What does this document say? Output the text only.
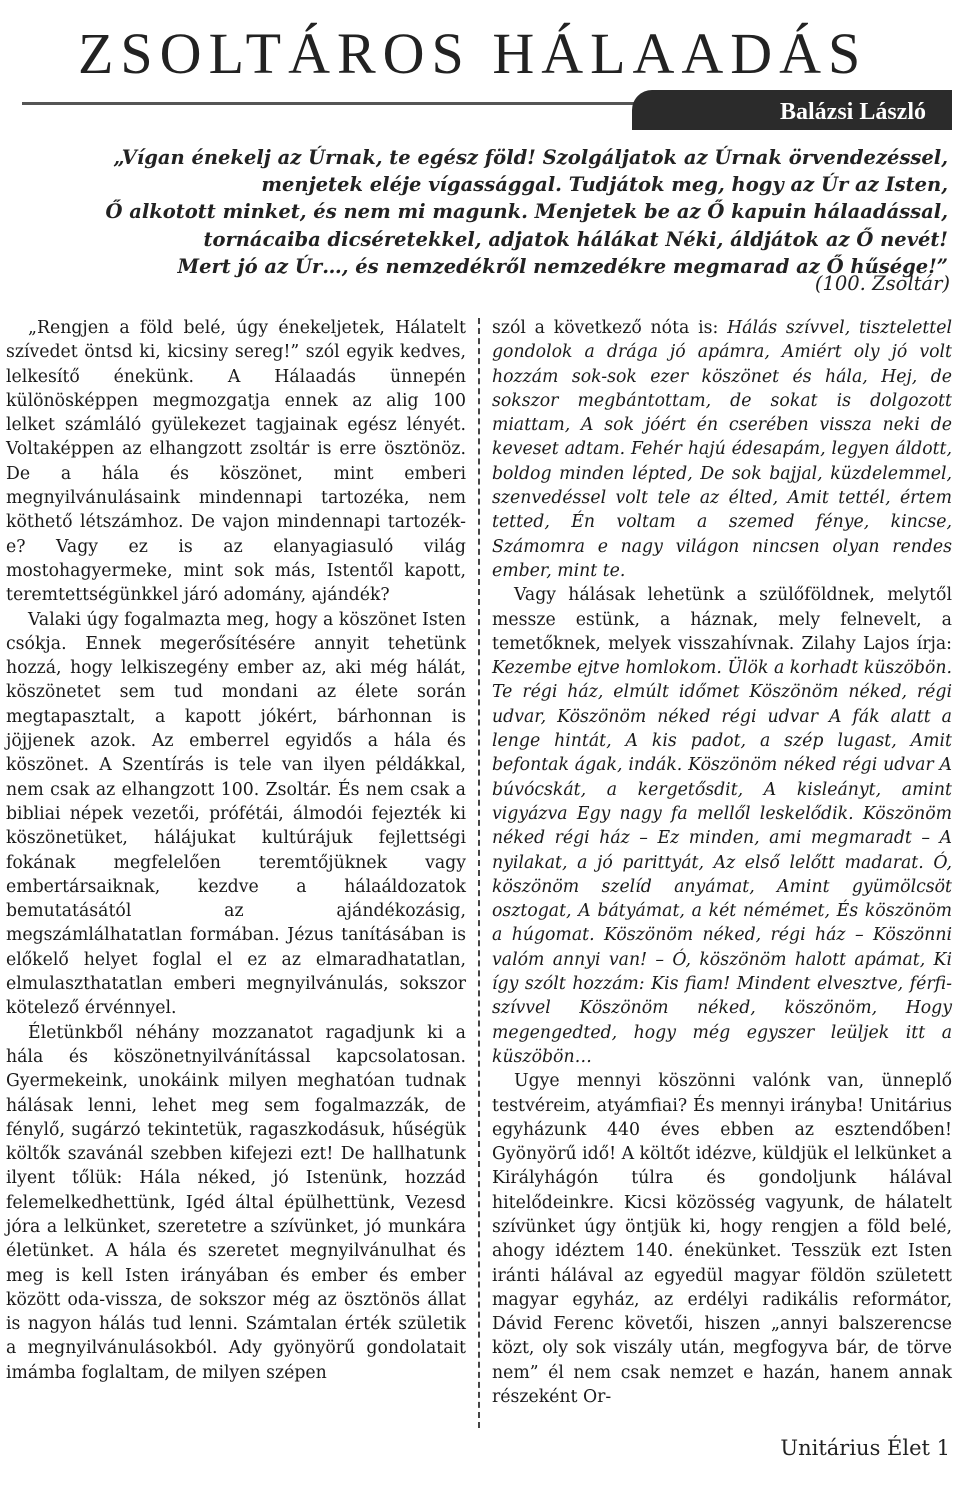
ZSOLTÁROS HÁLAADÁS
Balázsi László
„Vígan énekelj az Úrnak, te egész föld! Szolgáljatok az Úrnak örvendezéssel,
menjetek eléje vígassággal. Tudjátok meg, hogy az Úr az Isten,
Ő alkotott minket, és nem mi magunk. Menjetek be az Ő kapuin hálaadással,
tornácaiba dicséretekkel, adjatok hálákat Néki, áldjátok az Ő nevét!
Mert jó az Úr…, és nemzedékről nemzedékre megmarad az Ő hűsége!”
(100. Zsoltár)

„Rengjen a föld belé, úgy énekeljetek, Hálatelt szívedet öntsd ki, kicsiny sereg!” szól egyik kedves, lelkesítő énekünk. A Hálaadás ünnepén különösképpen megmozgatja ennek az alig 100 lelket számláló gyülekezet tagjainak egész lényét. Voltaképpen az elhangzott zsoltár is erre ösztönöz. De a hála és köszönet, mint emberi megnyilvánulásaink mindennapi tartozéka, nem köthető létszámhoz. De vajon mindennapi tartozék-e? Vagy ez is az elanyagiasuló világ mostohagyermeke, mint sok más, Istentől kapott, teremtettségünkkel járó adomány, ajándék?

Valaki úgy fogalmazta meg, hogy a köszönet Isten csókja. Ennek megerősítésére annyit tehetünk hozzá, hogy lelkiszegény ember az, aki még hálát, köszönetet sem tud mondani az élete során megtapasztalt, a kapott jókért, bárhonnan is jöjjenek azok. Az emberrel egyidős a hála és köszönet. A Szentírás is tele van ilyen példákkal, nem csak az elhangzott 100. Zsoltár. És nem csak a bibliai népek vezetői, prófétái, álmodói fejezték ki köszönetüket, hálájukat kultúrájuk fejlettségi fokának megfelelően teremtőjüknek vagy embertársaiknak, kezdve a hálaáldozatok bemutatásától az ajándékozásig, megszámlálhatatlan formában. Jézus tanításában is előkelő helyet foglal el ez az elmaradhatatlan, elmulaszthatatlan emberi megnyilvánulás, sokszor kötelező érvénnyel.

Életünkből néhány mozzanatot ragadjunk ki a hála és köszönetnyilvánítással kapcsolatosan. Gyermekeink, unokáink milyen meghatóan tudnak hálásak lenni, lehet meg sem fogalmazzák, de fénylő, sugárzó tekintetük, ragaszkodásuk, hűségük költők szavánál szebben kifejezi ezt! De hallhatunk ilyent tőlük: Hála néked, jó Istenünk, hozzád felemelkedhettünk, Igéd által épülhettünk, Vezesd jóra a lelkünket, szeretetre a szívünket, jó munkára életünket. A hála és szeretet megnyilvánulhat és meg is kell Isten irányában és ember és ember között oda-vissza, de sokszor még az ösztönös állat is nagyon hálás tud lenni. Számtalan érték születik a megnyilvánulásokból. Ady gyönyörű gondolatait imámba foglaltam, de milyen szépen

szól a következő nóta is: Hálás szívvel, tisztelettel gondolok a drága jó apámra, Amiért oly jó volt hozzám sok-sok ezer köszönet és hála, Hej, de sokszor megbántottam, de sokat is dolgozott miattam, A sok jóért én cserében vissza neki de keveset adtam. Fehér hajú édesapám, legyen áldott, boldog minden lépted, De sok bajjal, küzdelemmel, szenvedéssel volt tele az élted, Amit tettél, értem tetted, Én voltam a szemed fénye, kincse, Számomra e nagy világon nincsen olyan rendes ember, mint te.

Vagy hálásak lehetünk a szülőföldnek, melytől messze estünk, a háznak, mely felnevelt, a temetőknek, melyek visszahívnak. Zilahy Lajos írja: Kezembe ejtve homlokom. Ülök a korhadt küszöbön. Te régi ház, elmúlt időmet Köszönöm néked, régi udvar, Köszönöm néked régi udvar A fák alatt a lenge hintát, A kis padot, a szép lugast, Amit befontak ágak, indák. Köszönöm néked régi udvar A búvócskát, a kergetősdit, A kisleányt, amint vigyázva Egy nagy fa mellől leskelődik. Köszönöm néked régi ház – Ez minden, ami megmaradt – A nyilakat, a jó parittyát, Az első lelőtt madarat. Ó, köszönöm szelíd anyámat, Amint gyümölcsöt osztogat, A bátyámat, a két némémet, És köszönöm a húgomat. Köszönöm néked, régi ház – Köszönni valóm annyi van! – Ó, köszönöm halott apámat, Ki így szólt hozzám: Kis fiam! Mindent elvesztve, férfi-szívvel Köszönöm néked, köszönöm, Hogy megengedted, hogy még egyszer leüljek itt a küszöbön…

Ugye mennyi köszönni valónk van, ünneplő testvéreim, atyámfiai? És mennyi irányba! Unitárius egyházunk 440 éves ebben az esztendőben! Gyönyörű idő! A költőt idézve, küldjük el lelkünket a Királyhágón túlra és gondoljunk hálával hitelődeinkre. Kicsi közösség vagyunk, de hálatelt szívünket úgy öntjük ki, hogy rengjen a föld belé, ahogy idéztem 140. énekünket. Tesszük ezt Isten iránti hálával az egyedül magyar földön született magyar egyház, az erdélyi radikális reformátor, Dávid Ferenc követői, hiszen „annyi balszerencse közt, oly sok viszály után, megfogyva bár, de törve nem” él nem csak nemzet e hazán, hanem annak részeként Or-

Unitárius Élet 1
